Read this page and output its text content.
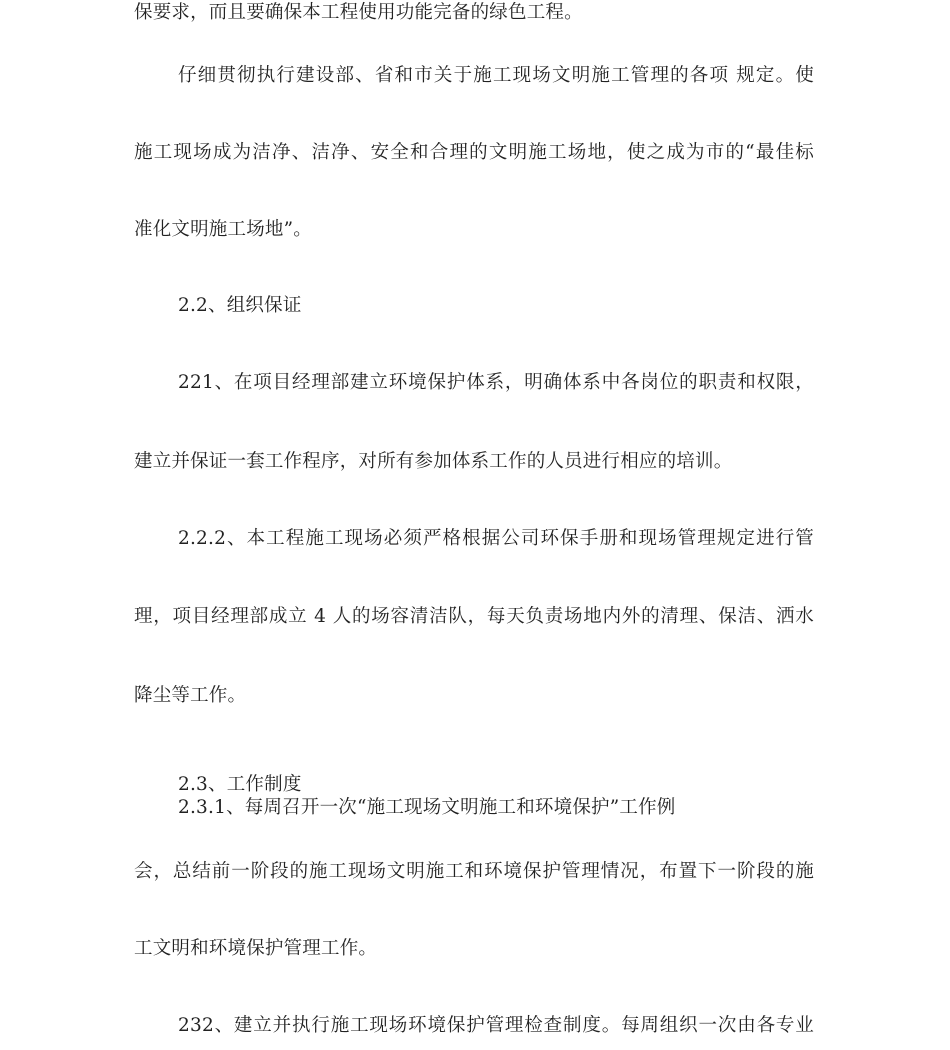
保要求，而且要确保本工程使用功能完备的绿色工程。
仔细贯彻执行建设部、省和市关于施工现场文明施工管理的各项 规定。使
施工现场成为洁净、洁净、安全和合理的文明施工场地，使之成为市的“最佳标
准化文明施工场地”。
2.2、组织保证
221、在项目经理部建立环境保护体系，明确体系中各岗位的职责和权限，
建立并保证一套工作程序，对所有参加体系工作的人员进行相应的培训。
2.2.2、本工程施工现场必须严格根据公司环保手册和现场管理规定进行管
理，项目经理部成立 4 人的场容清洁队，每天负责场地内外的清理、保洁、洒水
降尘等工作。
2.3、工作制度
2.3.1、每周召开一次“施工现场文明施工和环境保护”工作例
会，总结前一阶段的施工现场文明施工和环境保护管理情况，布置下一阶段的施
工文明和环境保护管理工作。
232、建立并执行施工现场环境保护管理检查制度。每周组织一次由各专业
